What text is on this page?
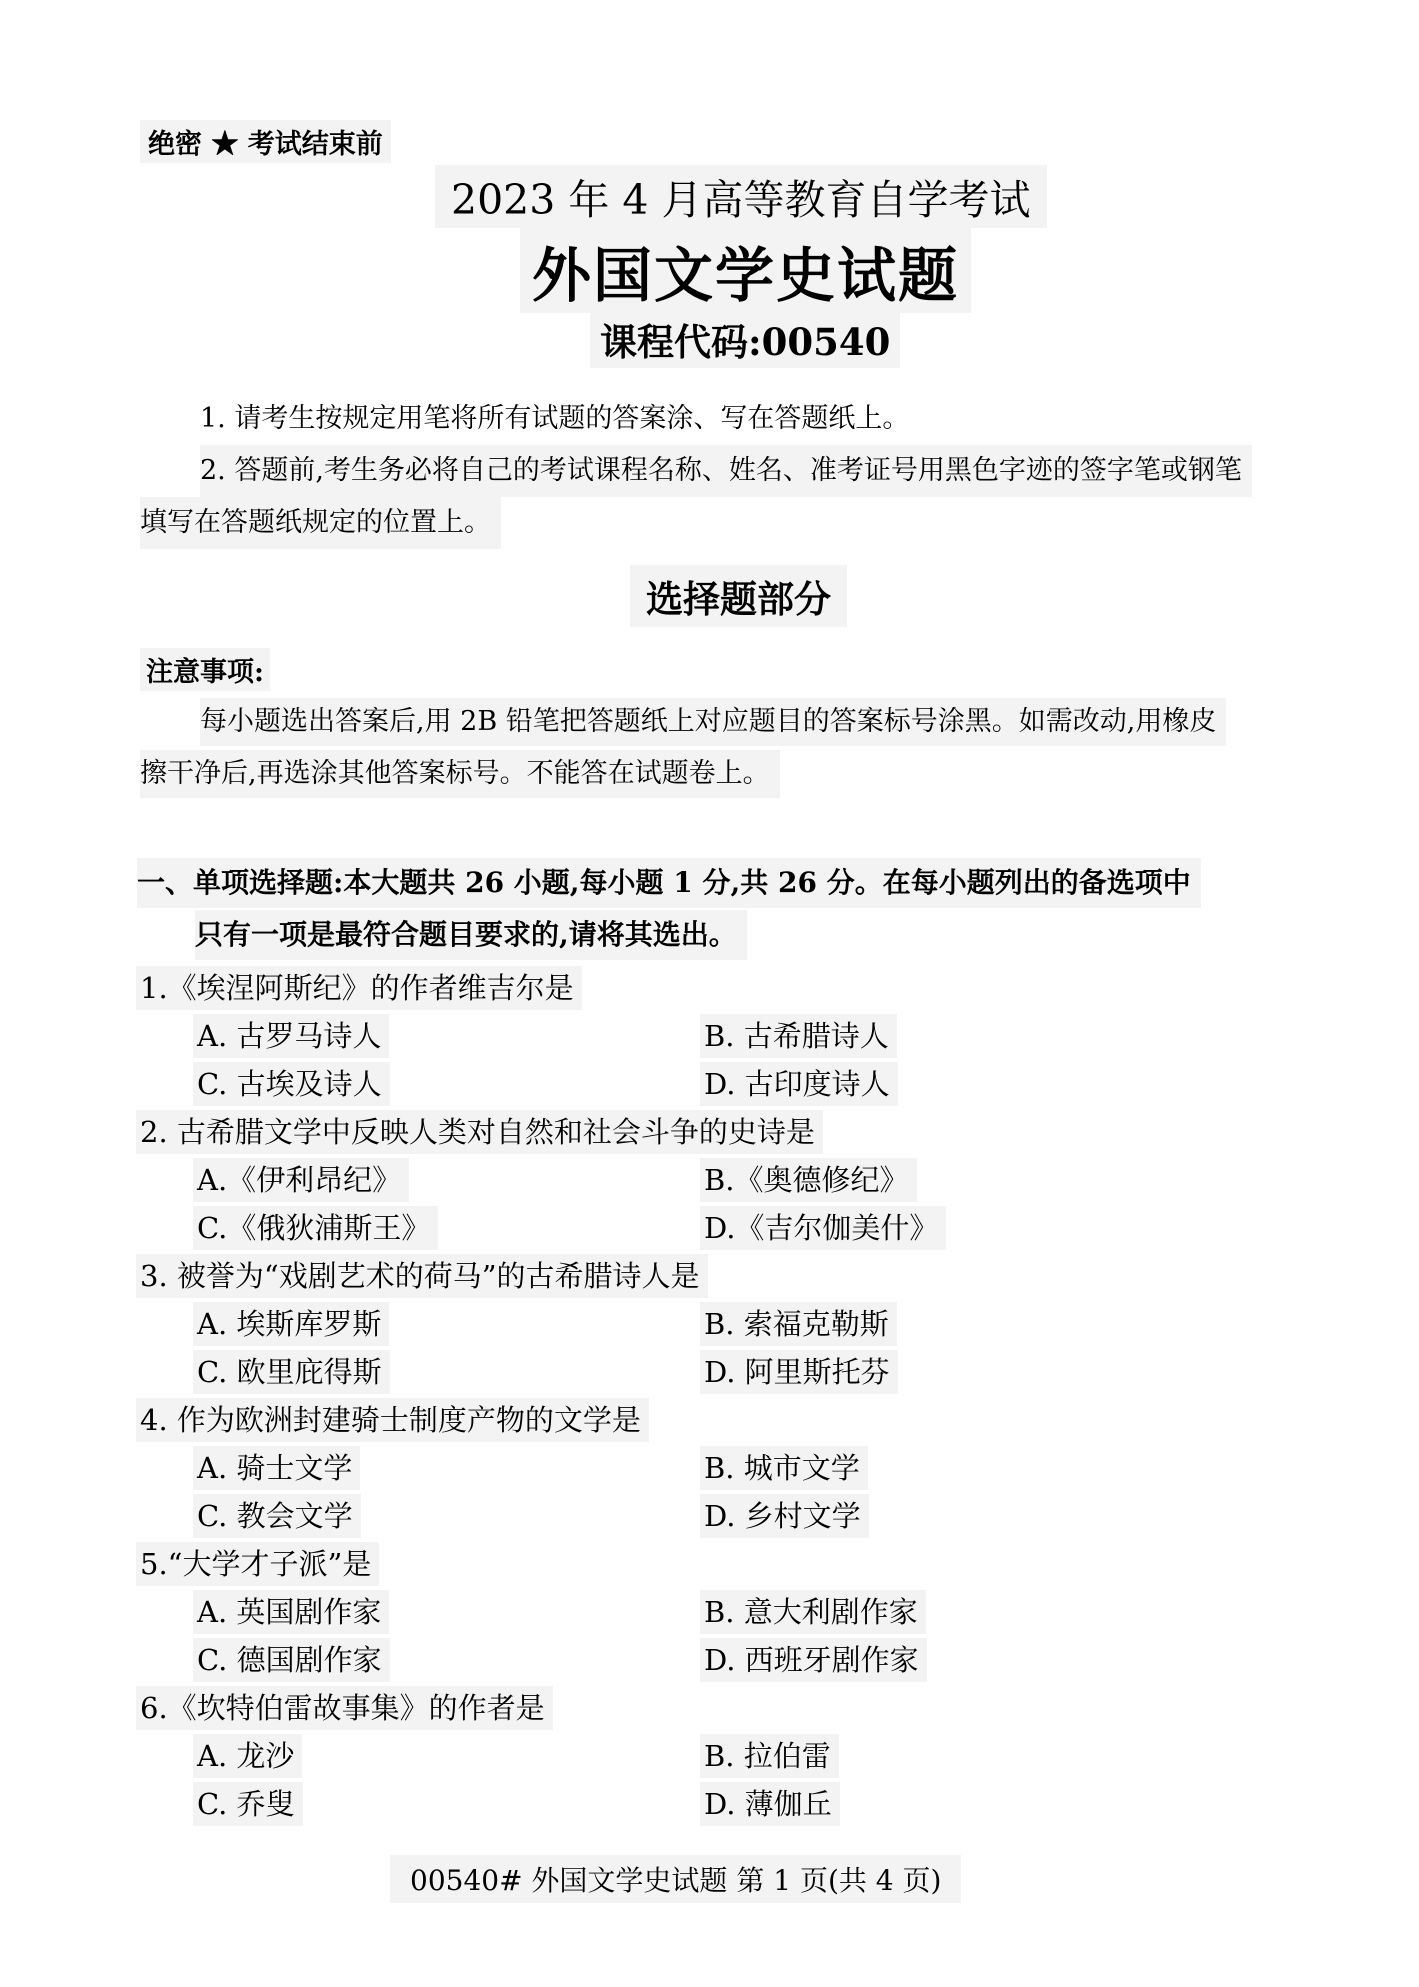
绝密 ★ 考试结束前
2023 年 4 月高等教育自学考试
外国文学史试题
课程代码:00540
1. 请考生按规定用笔将所有试题的答案涂、写在答题纸上。
2. 答题前,考生务必将自己的考试课程名称、姓名、准考证号用黑色字迹的签字笔或钢笔
填写在答题纸规定的位置上。
选择题部分
注意事项:
每小题选出答案后,用 2B 铅笔把答题纸上对应题目的答案标号涂黑。如需改动,用橡皮
擦干净后,再选涂其他答案标号。不能答在试题卷上。
一、单项选择题:本大题共 26 小题,每小题 1 分,共 26 分。在每小题列出的备选项中
只有一项是最符合题目要求的,请将其选出。
1.《埃涅阿斯纪》的作者维吉尔是
A. 古罗马诗人	B. 古希腊诗人
C. 古埃及诗人	D. 古印度诗人
2. 古希腊文学中反映人类对自然和社会斗争的史诗是
A.《伊利昂纪》	B.《奥德修纪》
C.《俄狄浦斯王》	D.《吉尔伽美什》
3. 被誉为“戏剧艺术的荷马”的古希腊诗人是
A. 埃斯库罗斯	B. 索福克勒斯
C. 欧里庇得斯	D. 阿里斯托芬
4. 作为欧洲封建骑士制度产物的文学是
A. 骑士文学	B. 城市文学
C. 教会文学	D. 乡村文学
5.“大学才子派”是
A. 英国剧作家	B. 意大利剧作家
C. 德国剧作家	D. 西班牙剧作家
6.《坎特伯雷故事集》的作者是
A. 龙沙	B. 拉伯雷
C. 乔叟	D. 薄伽丘
00540# 外国文学史试题 第 1 页(共 4 页)
